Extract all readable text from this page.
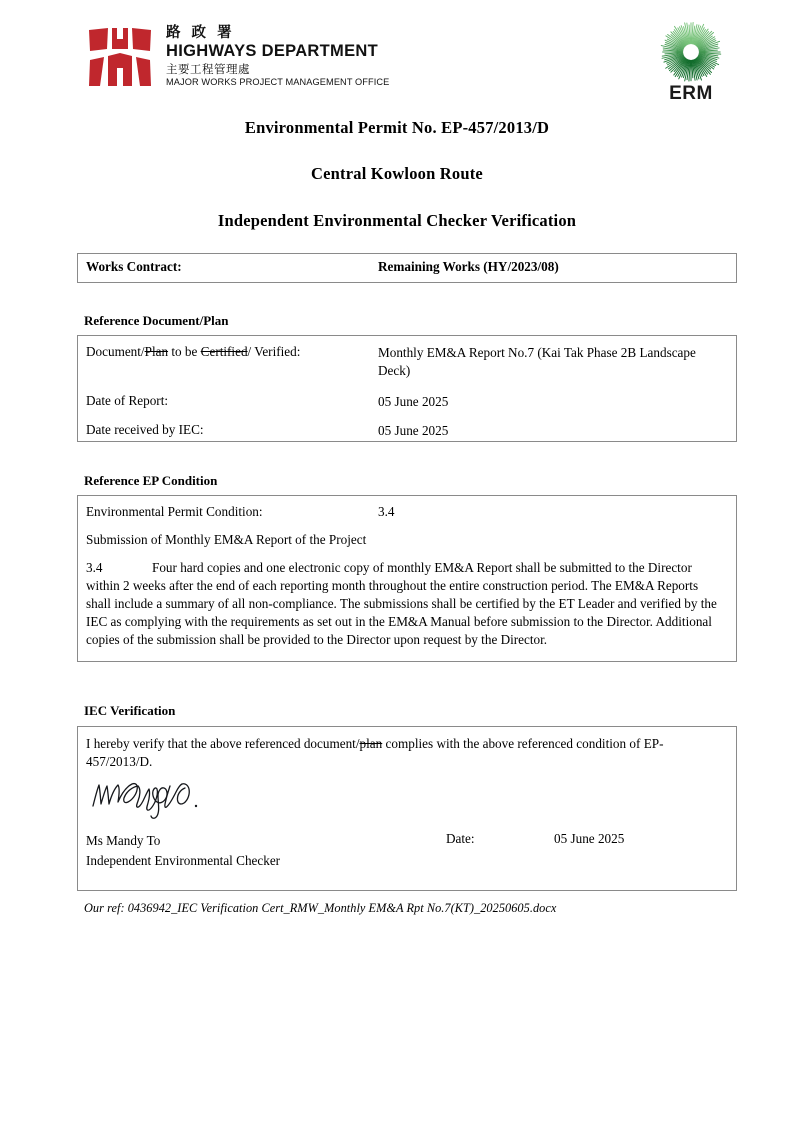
路 政 署
HIGHWAYS DEPARTMENT
主要工程管理處
MAJOR WORKS PROJECT MANAGEMENT OFFICE
ERM
Environmental Permit No. EP-457/2013/D
Central Kowloon Route
Independent Environmental Checker Verification
Works Contract:	Remaining Works (HY/2023/08)
Reference Document/Plan
Document/Plan to be Certified/ Verified:	Monthly EM&A Report No.7 (Kai Tak Phase 2B Landscape Deck)
Date of Report:	05 June 2025
Date received by IEC:	05 June 2025
Reference EP Condition
Environmental Permit Condition:	3.4
Submission of Monthly EM&A Report of the Project
3.4	Four hard copies and one electronic copy of monthly EM&A Report shall be submitted to the Director within 2 weeks after the end of each reporting month throughout the entire construction period. The EM&A Reports shall include a summary of all non-compliance. The submissions shall be certified by the ET Leader and verified by the IEC as complying with the requirements as set out in the EM&A Manual before submission to the Director. Additional copies of the submission shall be provided to the Director upon request by the Director.
IEC Verification
I hereby verify that the above referenced document/plan complies with the above referenced condition of EP-457/2013/D.
Ms Mandy To
Independent Environmental Checker
Date:	05 June 2025
Our ref: 0436942_IEC Verification Cert_RMW_Monthly EM&A Rpt No.7(KT)_20250605.docx
